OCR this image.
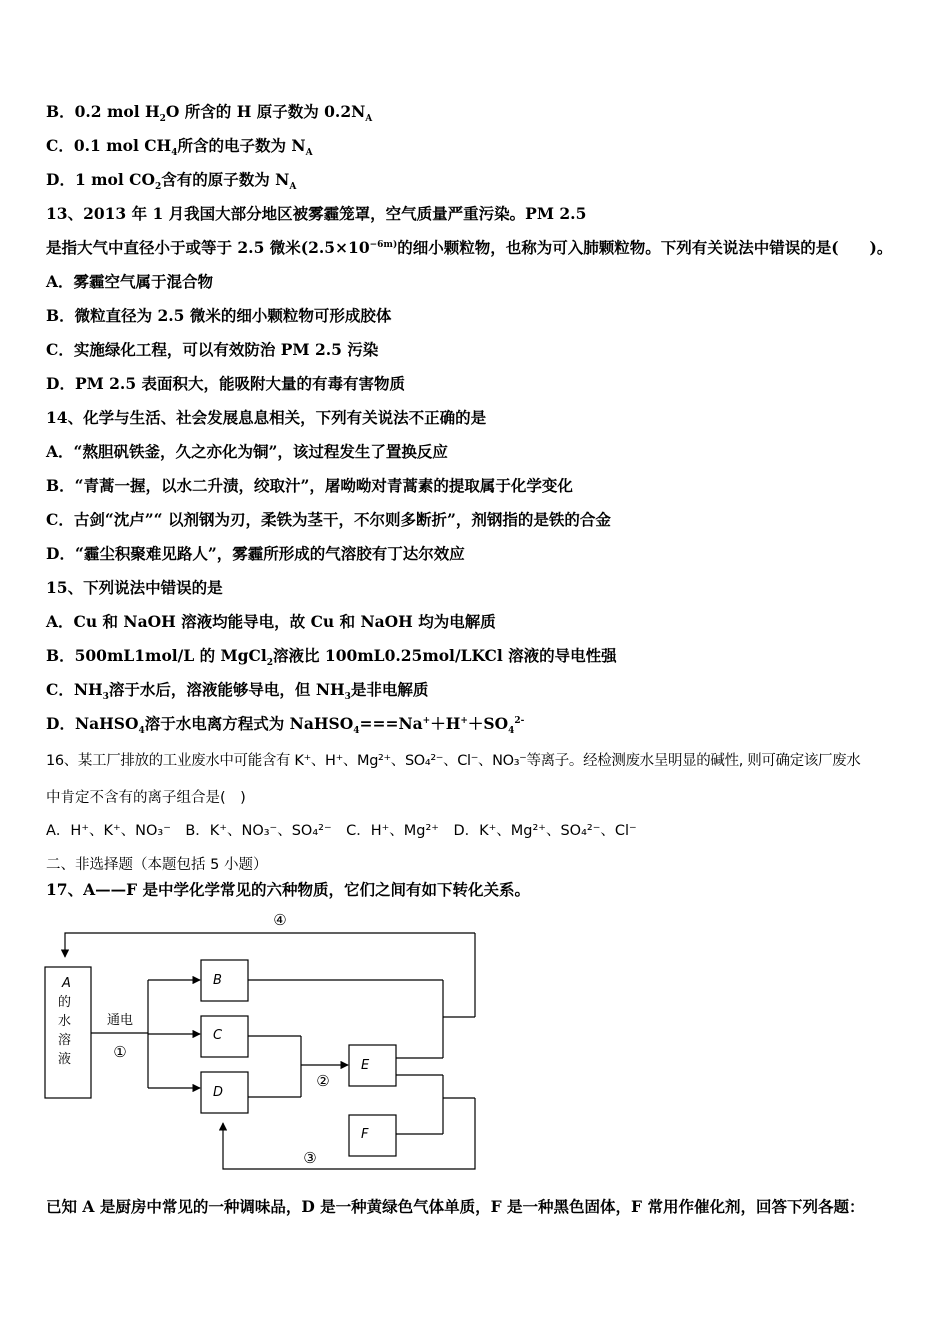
B．0.2 mol $H_2O$ 所含的 H 原子数为 $0.2N_A$
C．0.1 mol $CH_4$所含的电子数为 $N_A$
D．1 mol $CO_2$含有的原子数为 $N_A$
13、2013 年 1 月我国大部分地区被雾霾笼罩，空气质量严重污染。PM 2.5
是指大气中直径小于或等于 2.5 微米($2.5\times 10^{-6m)}$的细小颗粒物，也称为可入肺颗粒物。下列有关说法中错误的是(　　)。
A．雾霾空气属于混合物
B．微粒直径为 2.5 微米的细小颗粒物可形成胶体
C．实施绿化工程，可以有效防治 PM 2.5 污染
D．PM 2.5 表面积大，能吸附大量的有毒有害物质
14、化学与生活、社会发展息息相关，下列有关说法不正确的是
A．“熬胆矾铁釜，久之亦化为铜”，该过程发生了置换反应
B．“青蒿一握，以水二升渍，绞取汁”，屠呦呦对青蒿素的提取属于化学变化
C．古剑“沈卢”“ 以剂钢为刃，柔铁为茎干，不尔则多断折”，剂钢指的是铁的合金
D．“霾尘积聚难见路人”，雾霾所形成的气溶胶有丁达尔效应
15、下列说法中错误的是
A．Cu 和 NaOH 溶液均能导电，故 Cu 和 NaOH 均为电解质
B．500mL1mol/L 的 MgCl$_2$溶液比 100mL0.25mol/LKCl 溶液的导电性强
C．$NH_3$溶于水后，溶液能够导电，但 $NH_3$是非电解质
D．NaHSO$_4$溶于水电离方程式为 $NaHSO_4===Na^++H^++SO_4^{2-}$
16、某工厂排放的工业废水中可能含有 K⁺、H⁺、Mg²⁺、SO₄²⁻、Cl⁻、NO₃⁻等离子。经检测废水呈明显的碱性, 则可确定该厂废水
中肯定不含有的离子组合是(　)
A．H⁺、K⁺、NO₃⁻　B．K⁺、NO₃⁻、SO₄²⁻　C．H⁺、Mg²⁺　D．K⁺、Mg²⁺、SO₄²⁻、Cl⁻
二、非选择题（本题包括 5 小题）
17、A——F 是中学化学常见的六种物质，它们之间有如下转化关系。
④
A
的
水
溶
液
通电
①
B
C
D
②
E
F
③
已知 A 是厨房中常见的一种调味品，D 是一种黄绿色气体单质，F 是一种黑色固体，F 常用作催化剂，回答下列各题：
